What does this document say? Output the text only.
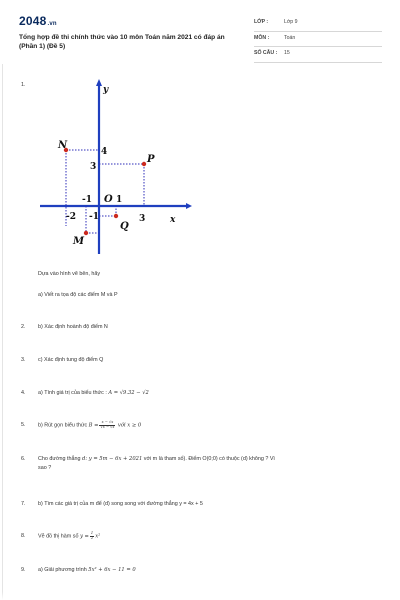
2048.vn
Tổng hợp đề thi chính thức vào 10 môn Toán năm 2021 có đáp án (Phần 1) (Đề 5)
LỚP :	Lớp 9
MÔN :	Toán
SỐ CÂU : 15
1.	y
x
O
N
P
M
Q
4
3
-1	1
-2 -1	3
Dựa vào hình vẽ bên, hãy
a) Viết ra tọa độ các điểm M và P
2. b) Xác định hoành độ điểm N
3. c) Xác định tung độ điểm Q
4. a) Tính giá trị của biểu thức : A = √9.32 − √2
5. b) Rút gọn biểu thức $B = \frac{x - √x}{√x - √x}$ với x ≥ 0
6. Cho đường thẳng d: y = 5m − 6x + 2021 với m là tham số). Điểm O(0;0) có thuộc (d) không ? Vì
sao ?
7. b) Tìm các giá trị của m để (d) song song với đường thẳng y = 4x + 5
8. Vẽ đồ thị hàm số $y = \frac{1}{2} x^2$
9. a) Giải phương trình 5x² + 6x − 11 = 0
